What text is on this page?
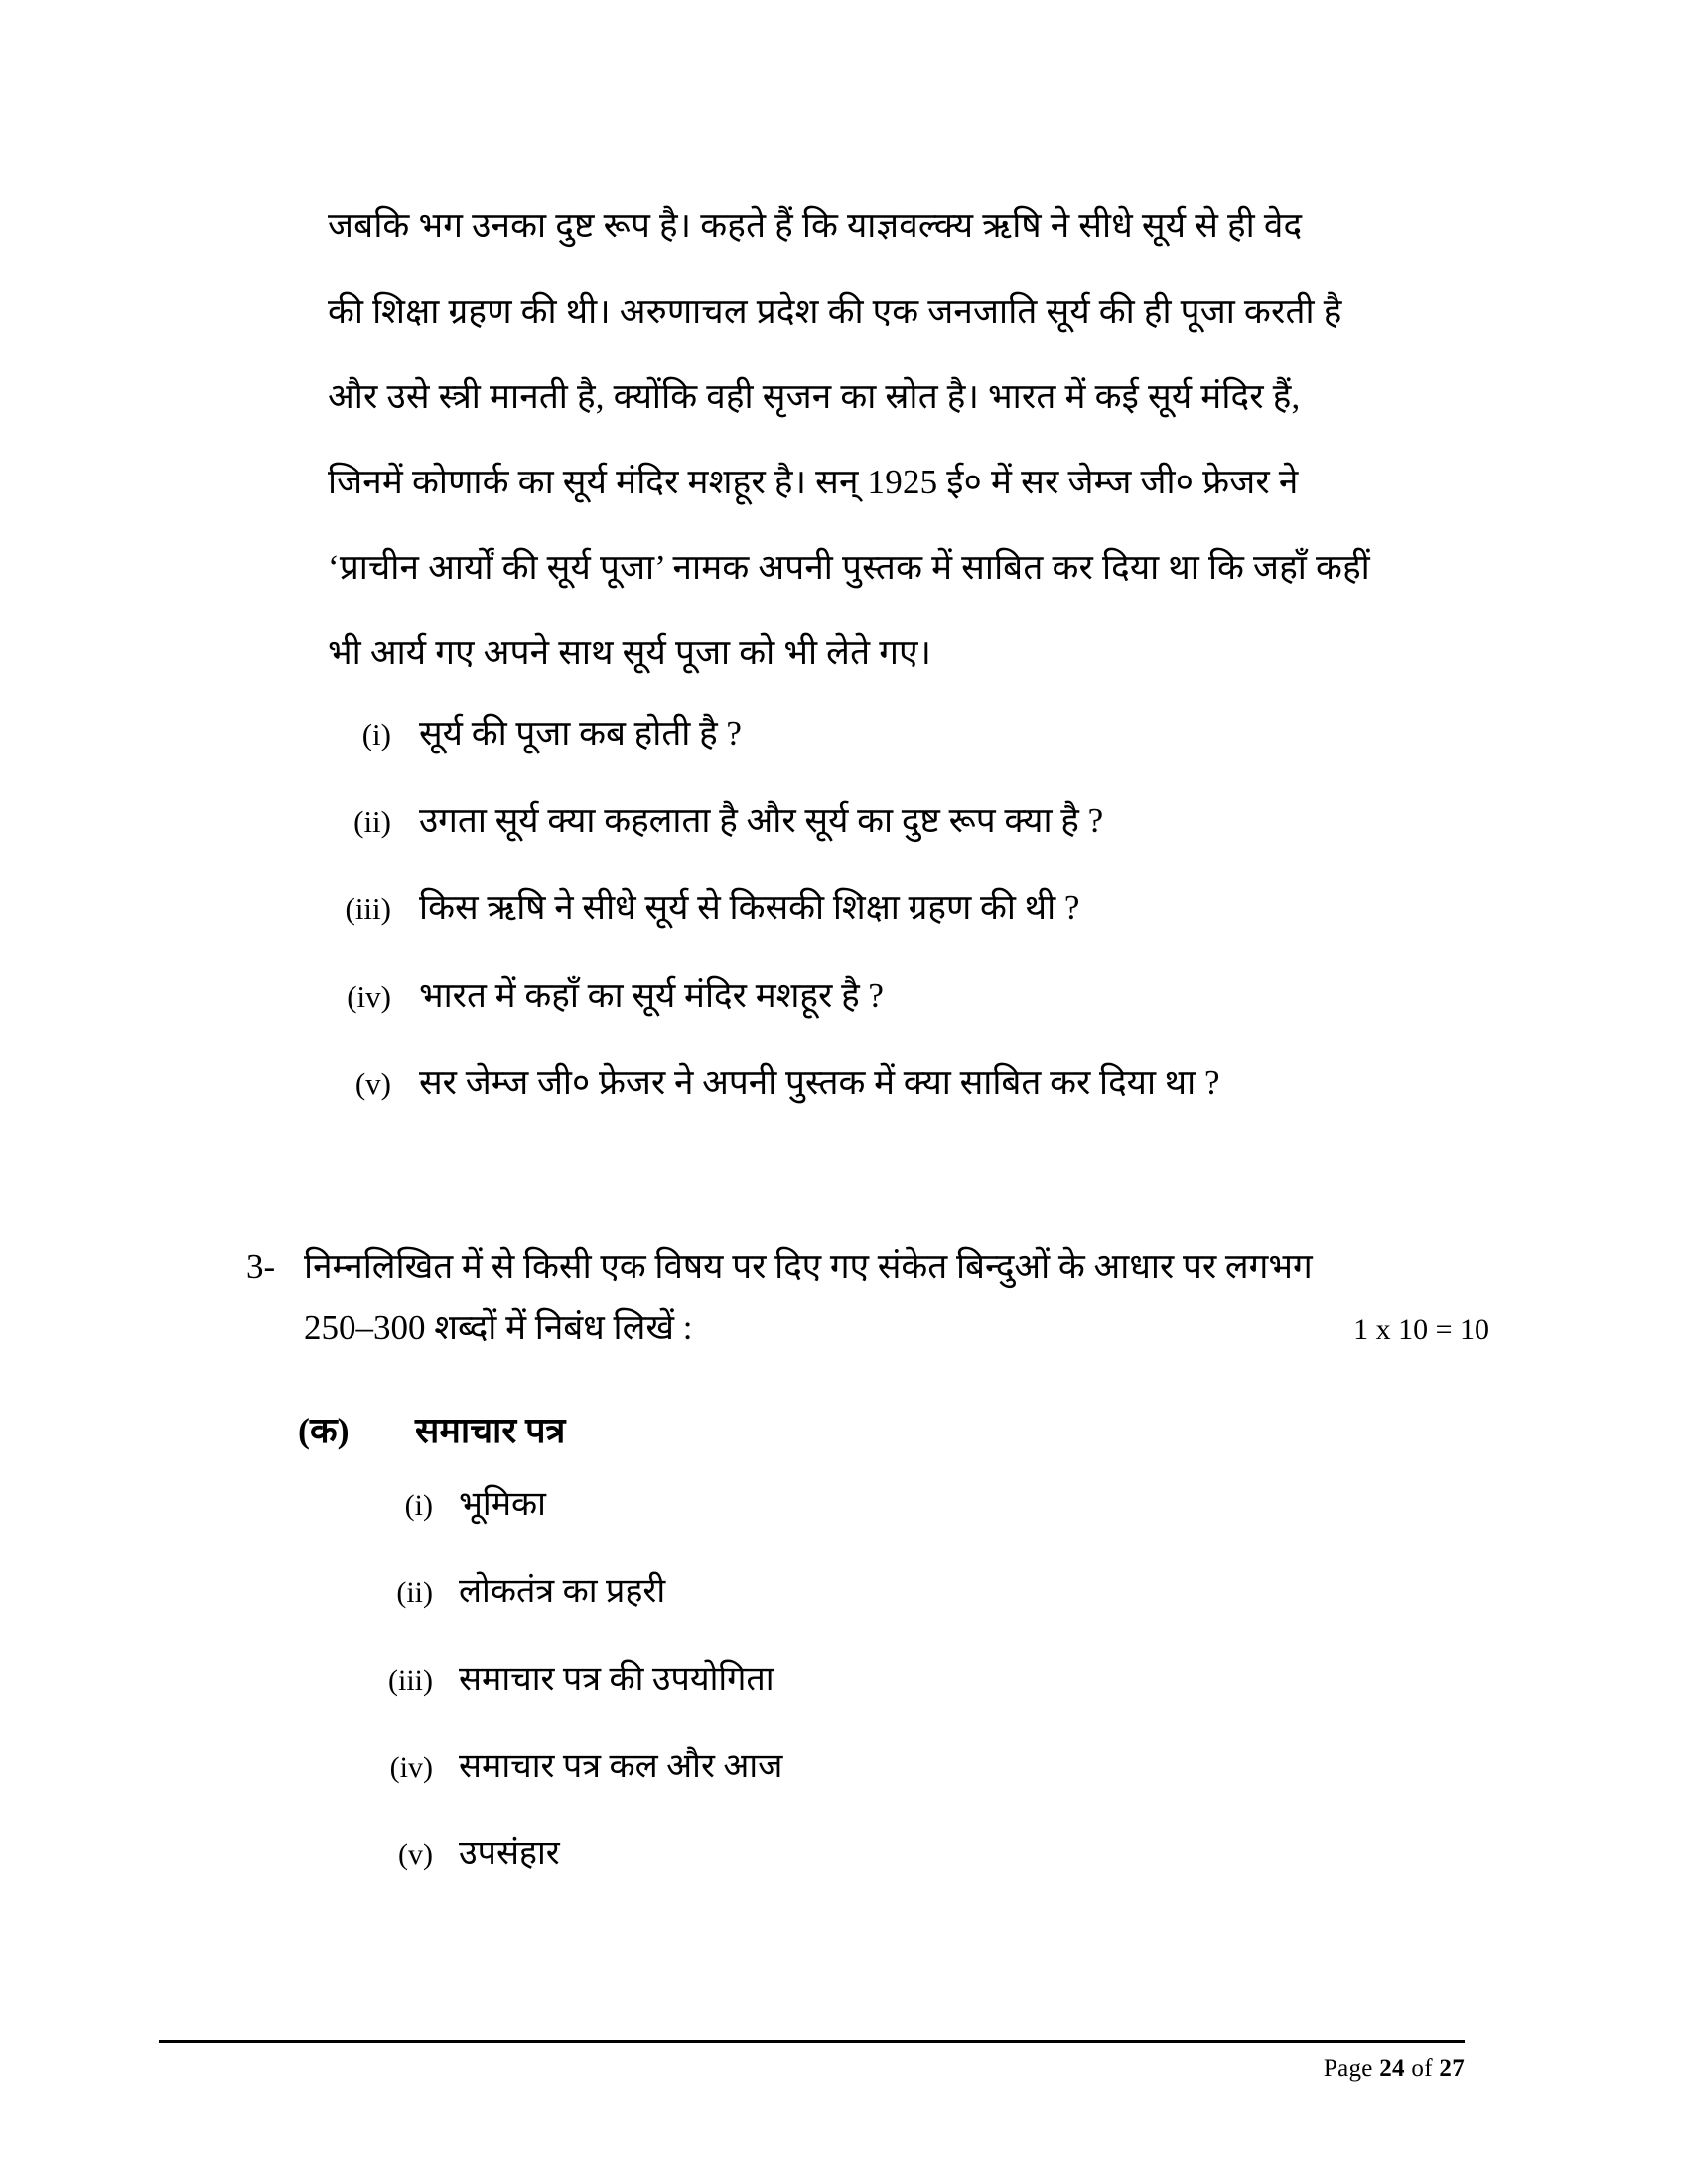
जबकि भग उनका दुष्ट रूप है। कहते हैं कि याज्ञवल्क्य ऋषि ने सीधे सूर्य से ही वेद
की शिक्षा ग्रहण की थी। अरुणाचल प्रदेश की एक जनजाति सूर्य की ही पूजा करती है
और उसे स्त्री मानती है, क्योंकि वही सृजन का स्रोत है। भारत में कई सूर्य मंदिर हैं,
जिनमें कोणार्क का सूर्य मंदिर मशहूर है। सन् 1925 ई० में सर जेम्ज जी० फ्रेजर ने
‘प्राचीन आर्यों की सूर्य पूजा’ नामक अपनी पुस्तक में साबित कर दिया था कि जहाँ कहीं
भी आर्य गए अपने साथ सूर्य पूजा को भी लेते गए।
(i) सूर्य की पूजा कब होती है ?
(ii) उगता सूर्य क्या कहलाता है और सूर्य का दुष्ट रूप क्या है ?
(iii) किस ऋषि ने सीधे सूर्य से किसकी शिक्षा ग्रहण की थी ?
(iv) भारत में कहाँ का सूर्य मंदिर मशहूर है ?
(v) सर जेम्ज जी० फ्रेजर ने अपनी पुस्तक में क्या साबित कर दिया था ?
3- निम्नलिखित में से किसी एक विषय पर दिए गए संकेत बिन्दुओं के आधार पर लगभग
250–300 शब्दों में निबंध लिखें :	1 x 10 = 10
(क)	समाचार पत्र
(i) भूमिका
(ii) लोकतंत्र का प्रहरी
(iii) समाचार पत्र की उपयोगिता
(iv) समाचार पत्र कल और आज
(v) उपसंहार
Page 24 of 27
